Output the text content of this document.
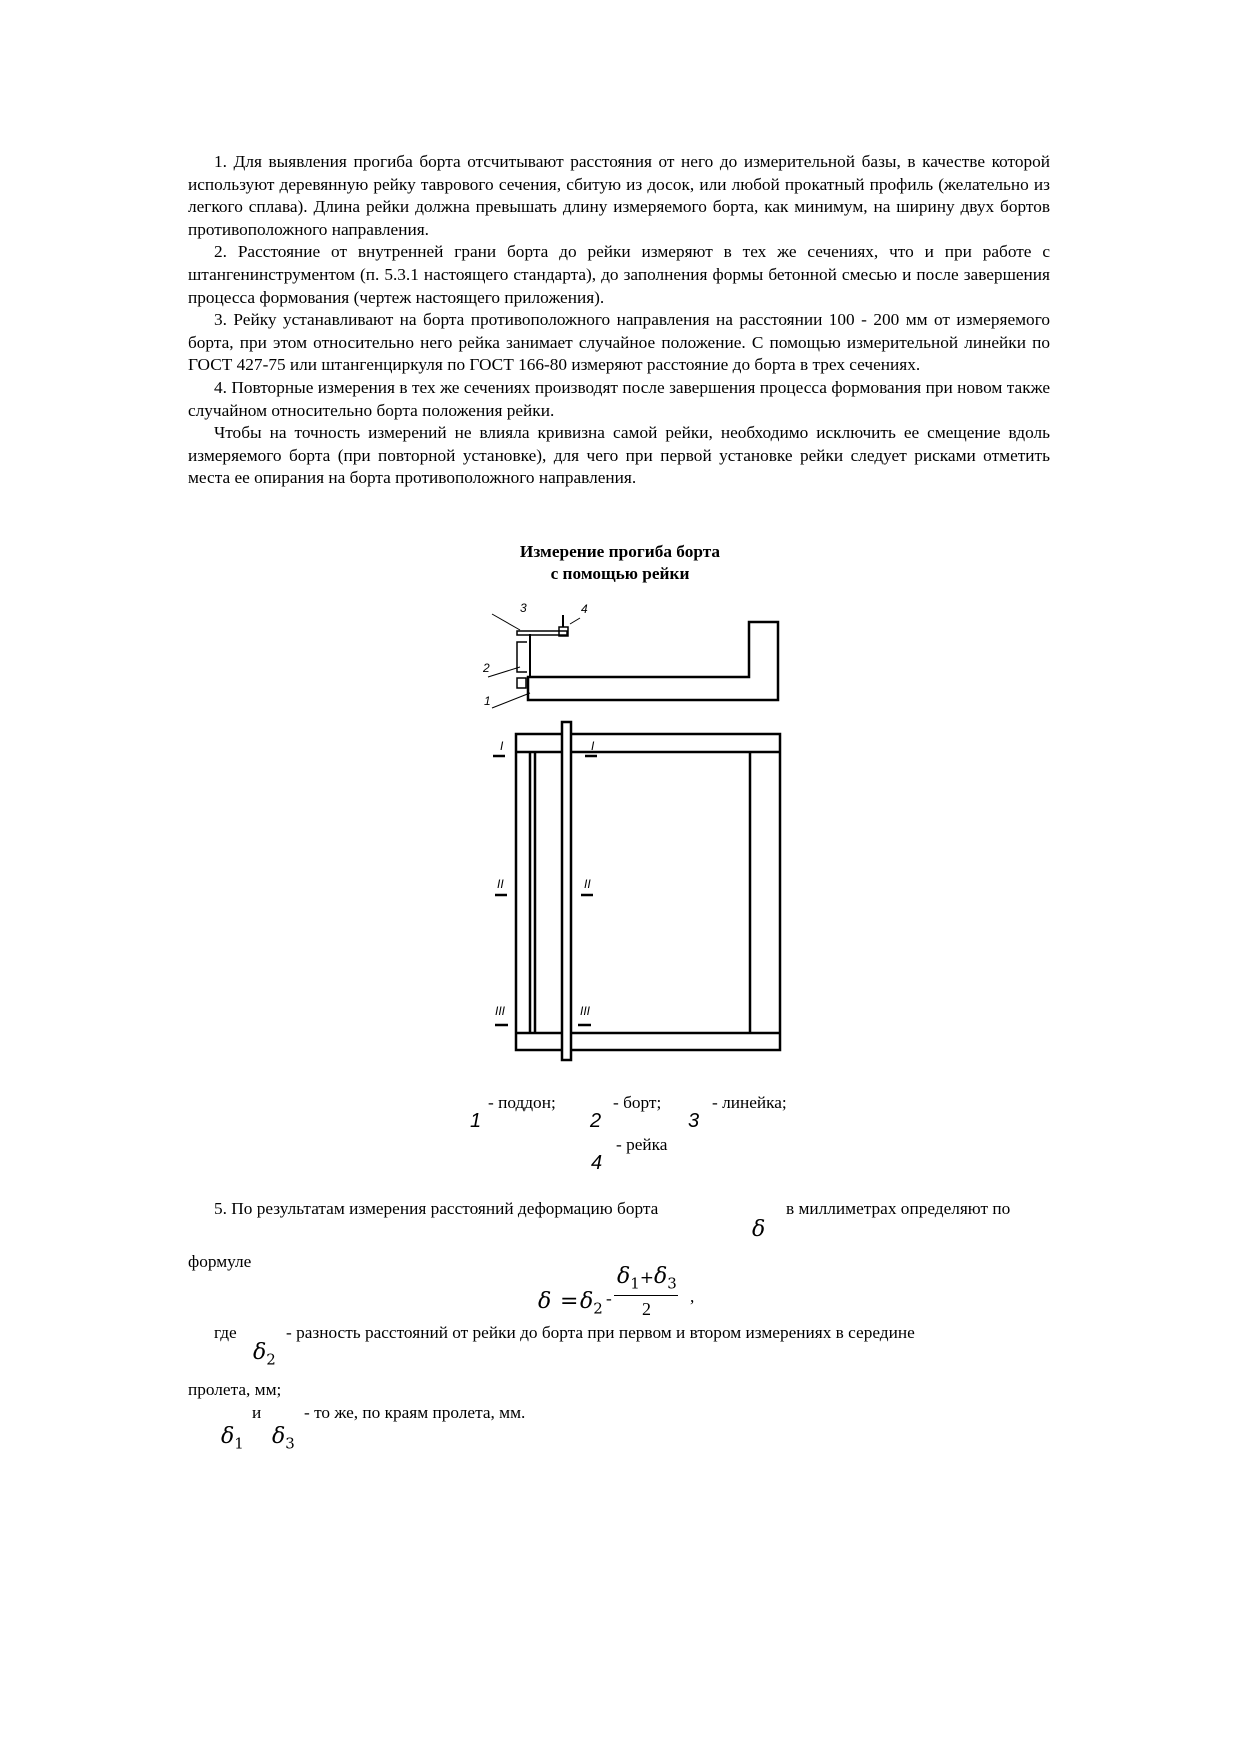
1. Для выявления прогиба борта отсчитывают расстояния от него до измерительной базы, в качестве которой используют деревянную рейку таврового сечения, сбитую из досок, или любой прокатный профиль (желательно из легкого сплава). Длина рейки должна превышать длину измеряемого борта, как минимум, на ширину двух бортов противоположного направления.

2. Расстояние от внутренней грани борта до рейки измеряют в тех же сечениях, что и при работе с штангенинструментом (п. 5.3.1 настоящего стандарта), до заполнения формы бетонной смесью и после завершения процесса формования (чертеж настоящего приложения).

3. Рейку устанавливают на борта противоположного направления на расстоянии 100 - 200 мм от измеряемого борта, при этом относительно него рейка занимает случайное положение. С помощью измерительной линейки по ГОСТ 427-75 или штангенциркуля по ГОСТ 166-80 измеряют расстояние до борта в трех сечениях.

4. Повторные измерения в тех же сечениях производят после завершения процесса формования при новом также случайном относительно борта положения рейки.

Чтобы на точность измерений не влияла кривизна самой рейки, необходимо исключить ее смещение вдоль измеряемого борта (при повторной установке), для чего при первой установке рейки следует рисками отметить места ее опирания на борта противоположного направления.

Измерение прогиба борта
с помощью рейки
3	4
2
1
I	I
II	II
III	III
1
- поддон;
2
- борт;
3
- линейка;
4
- рейка
5. По результатам измерения расстояний деформацию борта
δ
в миллиметрах определяют по
формуле
$\delta = \delta_2$
-
$\delta_1+\delta_3$
2
,
где
$\delta_2$
- разность расстояний от рейки до борта при первом и втором измерениях в середине
пролета, мм;
$\delta_1$
и
$\delta_3$
- то же, по краям пролета, мм.
